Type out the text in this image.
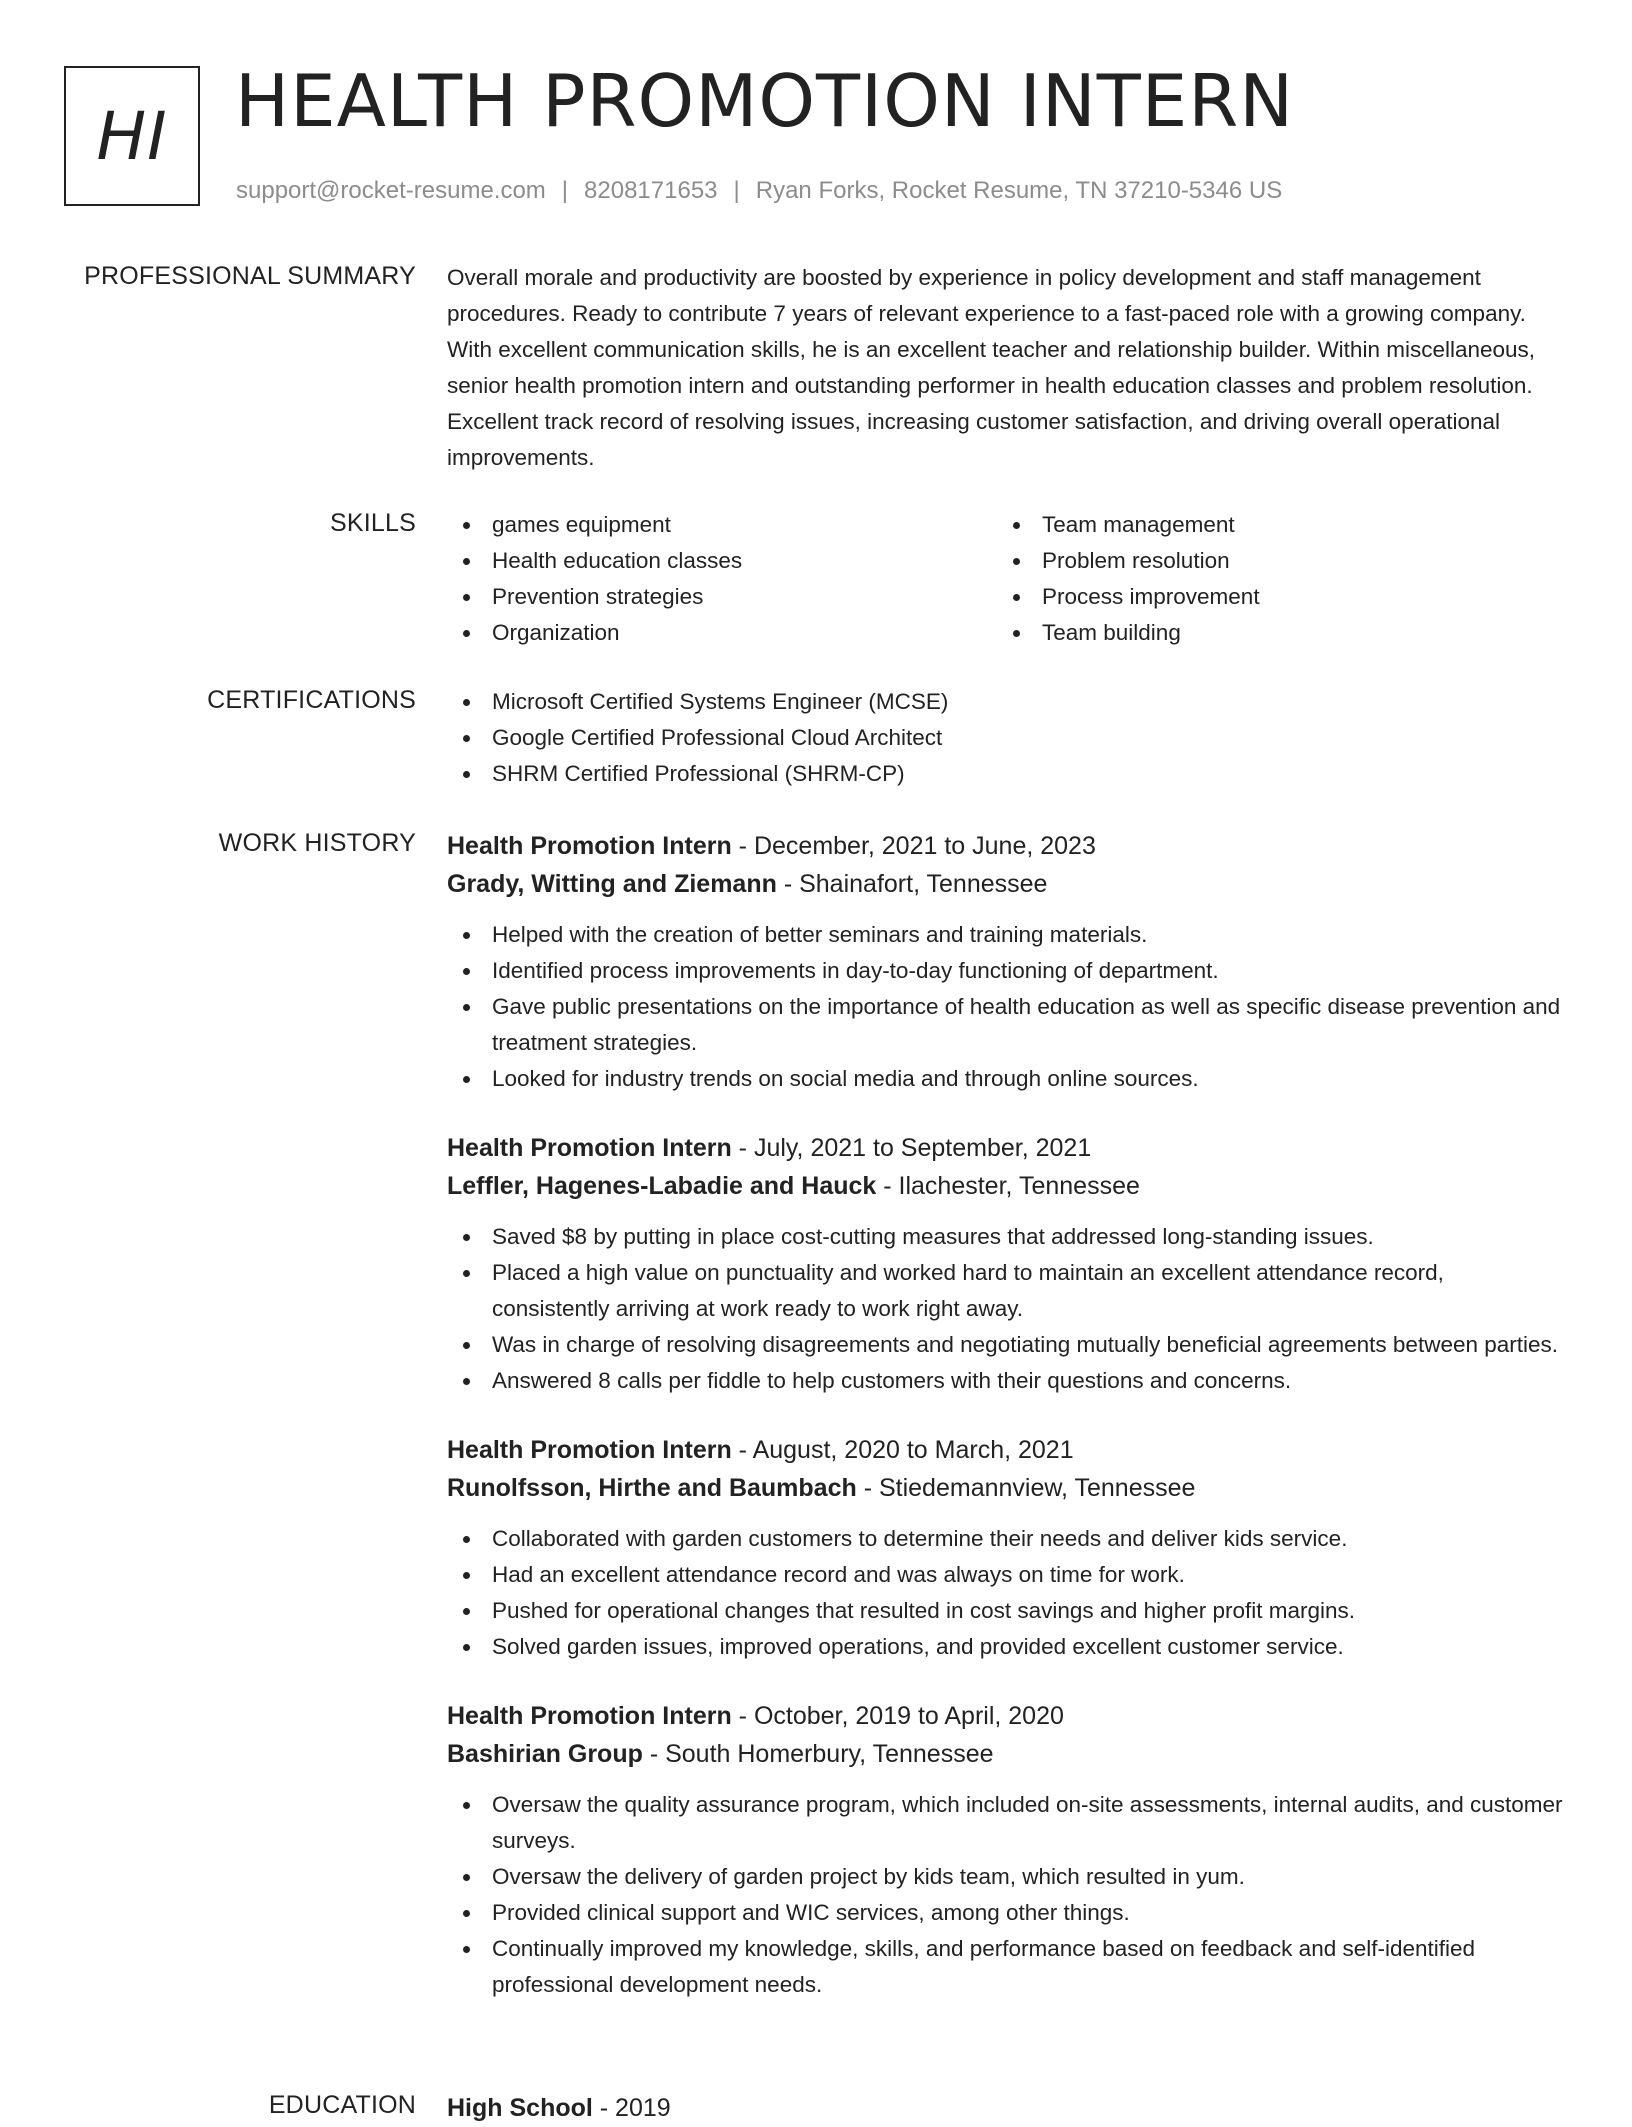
HI HEALTH PROMOTION INTERN
support@rocket-resume.com | 8208171653 | Ryan Forks, Rocket Resume, TN 37210-5346 US
PROFESSIONAL SUMMARY Overall morale and productivity are boosted by experience in policy development and staff management procedures. Ready to contribute 7 years of relevant experience to a fast-paced role with a growing company. With excellent communication skills, he is an excellent teacher and relationship builder. Within miscellaneous, senior health promotion intern and outstanding performer in health education classes and problem resolution. Excellent track record of resolving issues, increasing customer satisfaction, and driving overall operational improvements.

SKILLS	games equipment
Health education classes
Prevention strategies
Organization
Team management
Problem resolution
Process improvement
Team building
CERTIFICATIONS	Microsoft Certified Systems Engineer (MCSE)
Google Certified Professional Cloud Architect
SHRM Certified Professional (SHRM-CP)
WORK HISTORY Health Promotion Intern - December, 2021 to June, 2023
Grady, Witting and Ziemann - Shainafort, Tennessee
Helped with the creation of better seminars and training materials.
Identified process improvements in day-to-day functioning of department.
Gave public presentations on the importance of health education as well as specific disease prevention and treatment strategies.
Looked for industry trends on social media and through online sources.
Health Promotion Intern - July, 2021 to September, 2021
Leffler, Hagenes-Labadie and Hauck - Ilachester, Tennessee
Saved $8 by putting in place cost-cutting measures that addressed long-standing issues.
Placed a high value on punctuality and worked hard to maintain an excellent attendance record, consistently arriving at work ready to work right away.
Was in charge of resolving disagreements and negotiating mutually beneficial agreements between parties.
Answered 8 calls per fiddle to help customers with their questions and concerns.
Health Promotion Intern - August, 2020 to March, 2021
Runolfsson, Hirthe and Baumbach - Stiedemannview, Tennessee
Collaborated with garden customers to determine their needs and deliver kids service.
Had an excellent attendance record and was always on time for work.
Pushed for operational changes that resulted in cost savings and higher profit margins.
Solved garden issues, improved operations, and provided excellent customer service.
Health Promotion Intern - October, 2019 to April, 2020
Bashirian Group - South Homerbury, Tennessee
Oversaw the quality assurance program, which included on-site assessments, internal audits, and customer surveys.
Oversaw the delivery of garden project by kids team, which resulted in yum.
Provided clinical support and WIC services, among other things.
Continually improved my knowledge, skills, and performance based on feedback and self-identified professional development needs.
EDUCATION High School - 2019
